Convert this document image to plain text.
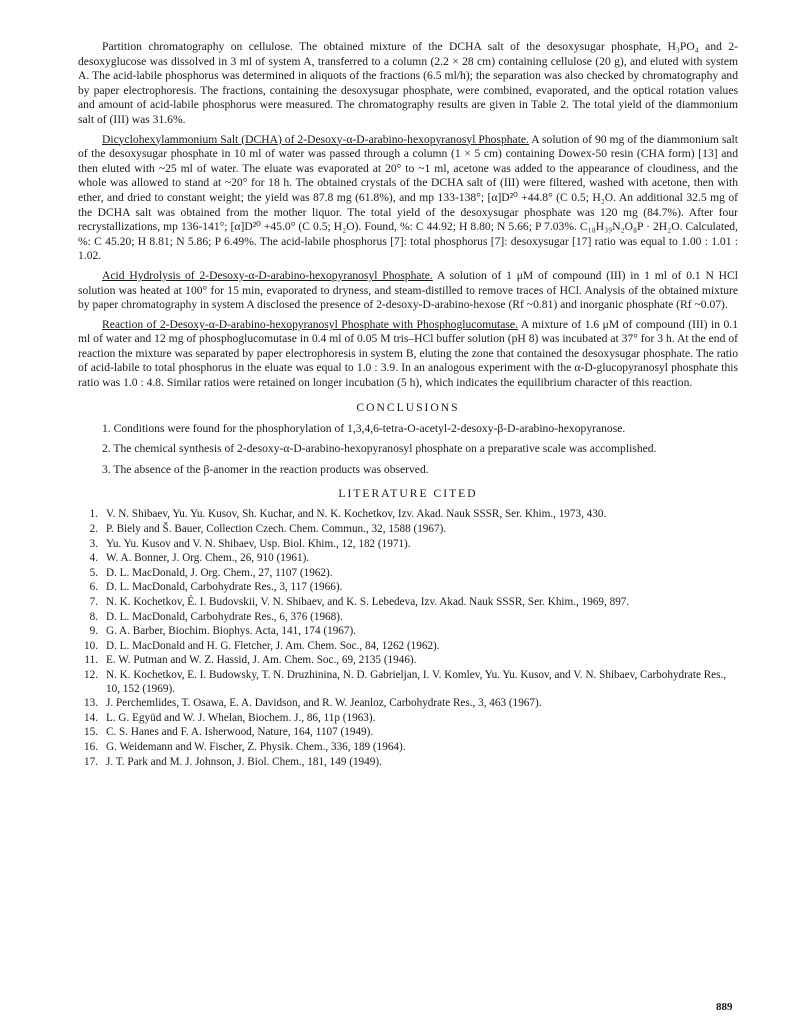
Partition chromatography on cellulose. The obtained mixture of the DCHA salt of the desoxysugar phosphate, H₃PO₄ and 2-desoxyglucose was dissolved in 3 ml of system A, transferred to a column (2.2 × 28 cm) containing cellulose (20 g), and eluted with system A. The acid-labile phosphorus was determined in aliquots of the fractions (6.5 ml/h); the separation was also checked by chromatography and by paper electrophoresis. The fractions, containing the desoxysugar phosphate, were combined, evaporated, and the optical rotation values and amount of acid-labile phosphorus were measured. The chromatography results are given in Table 2. The total yield of the diammonium salt of (III) was 31.6%.

Dicyclohexylammonium Salt (DCHA) of 2-Desoxy-α-D-arabino-hexopyranosyl Phosphate. A solution of 90 mg of the diammonium salt of the desoxysugar phosphate in 10 ml of water was passed through a column (1 × 5 cm) containing Dowex-50 resin (CHA form) [13] and then eluted with ~25 ml of water. The eluate was evaporated at 20° to ~1 ml, acetone was added to the appearance of cloudiness, and the whole was allowed to stand at ~20° for 18 h. The obtained crystals of the DCHA salt of (III) were filtered, washed with acetone, then with ether, and dried to constant weight; the yield was 87.8 mg (61.8%), and mp 133-138°; [α]D²⁰ +44.8° (C 0.5; H₂O. An additional 32.5 mg of the DCHA salt was obtained from the mother liquor. The total yield of the desoxysugar phosphate was 120 mg (84.7%). After four recrystallizations, mp 136-141°; [α]D²⁰ +45.0° (C 0.5; H₂O). Found, %: C 44.92; H 8.80; N 5.66; P 7.03%. C₁₈H₃₉N₂O₈P · 2H₂O. Calculated, %: C 45.20; H 8.81; N 5.86; P 6.49%. The acid-labile phosphorus [7]: total phosphorus [7]: desoxysugar [17] ratio was equal to 1.00 : 1.01 : 1.02.

Acid Hydrolysis of 2-Desoxy-α-D-arabino-hexopyranosyl Phosphate. A solution of 1 μM of compound (III) in 1 ml of 0.1 N HCl solution was heated at 100° for 15 min, evaporated to dryness, and steam-distilled to remove traces of HCl. Analysis of the obtained mixture by paper chromatography in system A disclosed the presence of 2-desoxy-D-arabino-hexose (Rf ~0.81) and inorganic phosphate (Rf ~0.07).

Reaction of 2-Desoxy-α-D-arabino-hexopyranosyl Phosphate with Phosphoglucomutase. A mixture of 1.6 μM of compound (III) in 0.1 ml of water and 12 mg of phosphoglucomutase in 0.4 ml of 0.05 M tris–HCl buffer solution (pH 8) was incubated at 37° for 3 h. At the end of reaction the mixture was separated by paper electrophoresis in system B, eluting the zone that contained the desoxysugar phosphate. The ratio of acid-labile to total phosphorus in the eluate was equal to 1.0 : 3.9. In an analogous experiment with the α-D-glucopyranosyl phosphate this ratio was 1.0 : 4.8. Similar ratios were retained on longer incubation (5 h), which indicates the equilibrium character of this reaction.

CONCLUSIONS
1. Conditions were found for the phosphorylation of 1,3,4,6-tetra-O-acetyl-2-desoxy-β-D-arabino-hexopyranose.
2. The chemical synthesis of 2-desoxy-α-D-arabino-hexopyranosyl phosphate on a preparative scale was accomplished.
3. The absence of the β-anomer in the reaction products was observed.
LITERATURE CITED
1. V. N. Shibaev, Yu. Yu. Kusov, Sh. Kuchar, and N. K. Kochetkov, Izv. Akad. Nauk SSSR, Ser. Khim., 1973, 430.
2. P. Biely and Š. Bauer, Collection Czech. Chem. Commun., 32, 1588 (1967).
3. Yu. Yu. Kusov and V. N. Shibaev, Usp. Biol. Khim., 12, 182 (1971).
4. W. A. Bonner, J. Org. Chem., 26, 910 (1961).
5. D. L. MacDonald, J. Org. Chem., 27, 1107 (1962).
6. D. L. MacDonald, Carbohydrate Res., 3, 117 (1966).
7. N. K. Kochetkov, É. I. Budovskii, V. N. Shibaev, and K. S. Lebedeva, Izv. Akad. Nauk SSSR, Ser. Khim., 1969, 897.
8. D. L. MacDonald, Carbohydrate Res., 6, 376 (1968).
9. G. A. Barber, Biochim. Biophys. Acta, 141, 174 (1967).
10. D. L. MacDonald and H. G. Fletcher, J. Am. Chem. Soc., 84, 1262 (1962).
11. E. W. Putman and W. Z. Hassid, J. Am. Chem. Soc., 69, 2135 (1946).
12. N. K. Kochetkov, E. I. Budowsky, T. N. Druzhinina, N. D. Gabrieljan, I. V. Komlev, Yu. Yu. Kusov, and V. N. Shibaev, Carbohydrate Res., 10, 152 (1969).
13. J. Perchemlides, T. Osawa, E. A. Davidson, and R. W. Jeanloz, Carbohydrate Res., 3, 463 (1967).
14. L. G. Együd and W. J. Whelan, Biochem. J., 86, 11p (1963).
15. C. S. Hanes and F. A. Isherwood, Nature, 164, 1107 (1949).
16. G. Weidemann and W. Fischer, Z. Physik. Chem., 336, 189 (1964).
17. J. T. Park and M. J. Johnson, J. Biol. Chem., 181, 149 (1949).
889
